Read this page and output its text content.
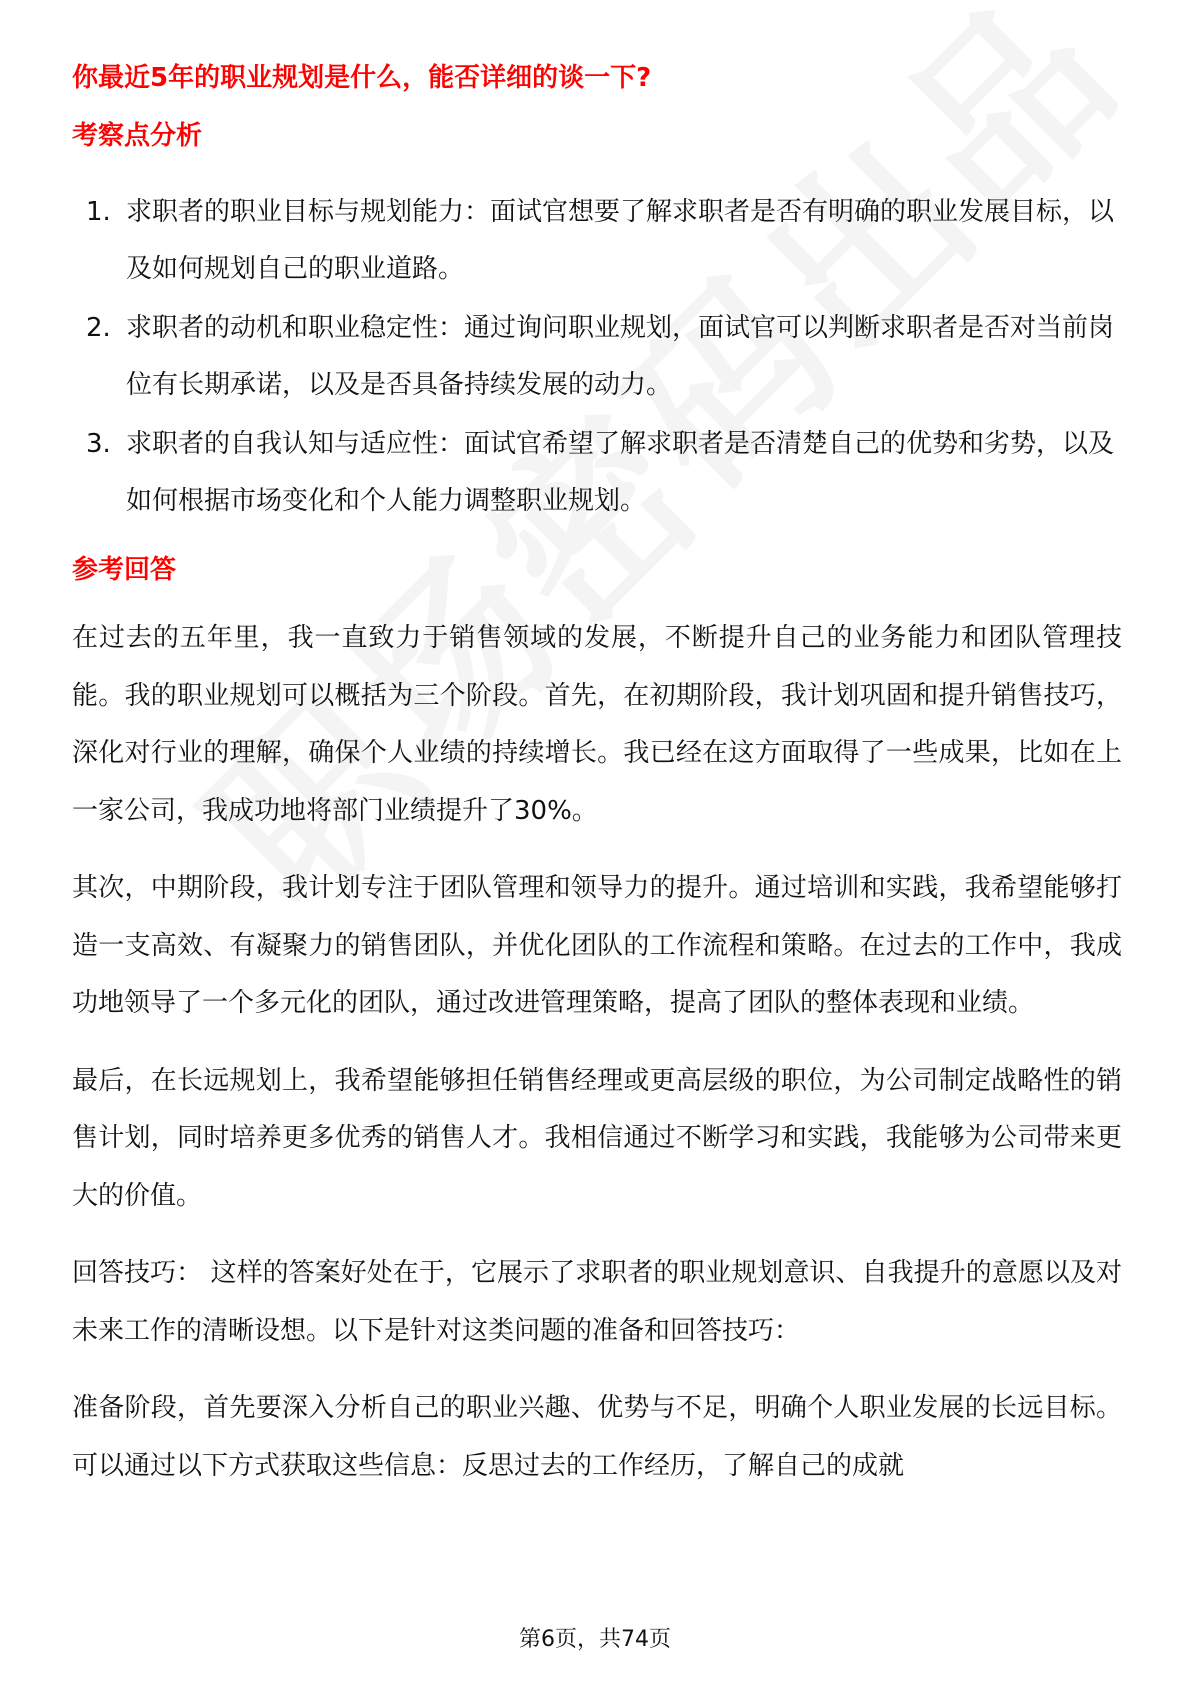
你最近5年的职业规划是什么，能否详细的谈一下?
考察点分析
1. 求职者的职业目标与规划能力：面试官想要了解求职者是否有明确的职业发展目标，以及如何规划自己的职业道路。
2. 求职者的动机和职业稳定性：通过询问职业规划，面试官可以判断求职者是否对当前岗位有长期承诺，以及是否具备持续发展的动力。
3. 求职者的自我认知与适应性：面试官希望了解求职者是否清楚自己的优势和劣势，以及如何根据市场变化和个人能力调整职业规划。
参考回答

在过去的五年里，我一直致力于销售领域的发展，不断提升自己的业务能力和团队管理技能。我的职业规划可以概括为三个阶段。首先，在初期阶段，我计划巩固和提升销售技巧，深化对行业的理解，确保个人业绩的持续增长。我已经在这方面取得了一些成果，比如在上一家公司，我成功地将部门业绩提升了30%。

其次，中期阶段，我计划专注于团队管理和领导力的提升。通过培训和实践，我希望能够打造一支高效、有凝聚力的销售团队，并优化团队的工作流程和策略。在过去的工作中，我成功地领导了一个多元化的团队，通过改进管理策略，提高了团队的整体表现和业绩。

最后，在长远规划上，我希望能够担任销售经理或更高层级的职位，为公司制定战略性的销售计划，同时培养更多优秀的销售人才。我相信通过不断学习和实践，我能够为公司带来更大的价值。

回答技巧： 这样的答案好处在于，它展示了求职者的职业规划意识、自我提升的意愿以及对未来工作的清晰设想。以下是针对这类问题的准备和回答技巧：

准备阶段，首先要深入分析自己的职业兴趣、优势与不足，明确个人职业发展的长远目标。可以通过以下方式获取这些信息：反思过去的工作经历，了解自己的成就

第6页，共74页
